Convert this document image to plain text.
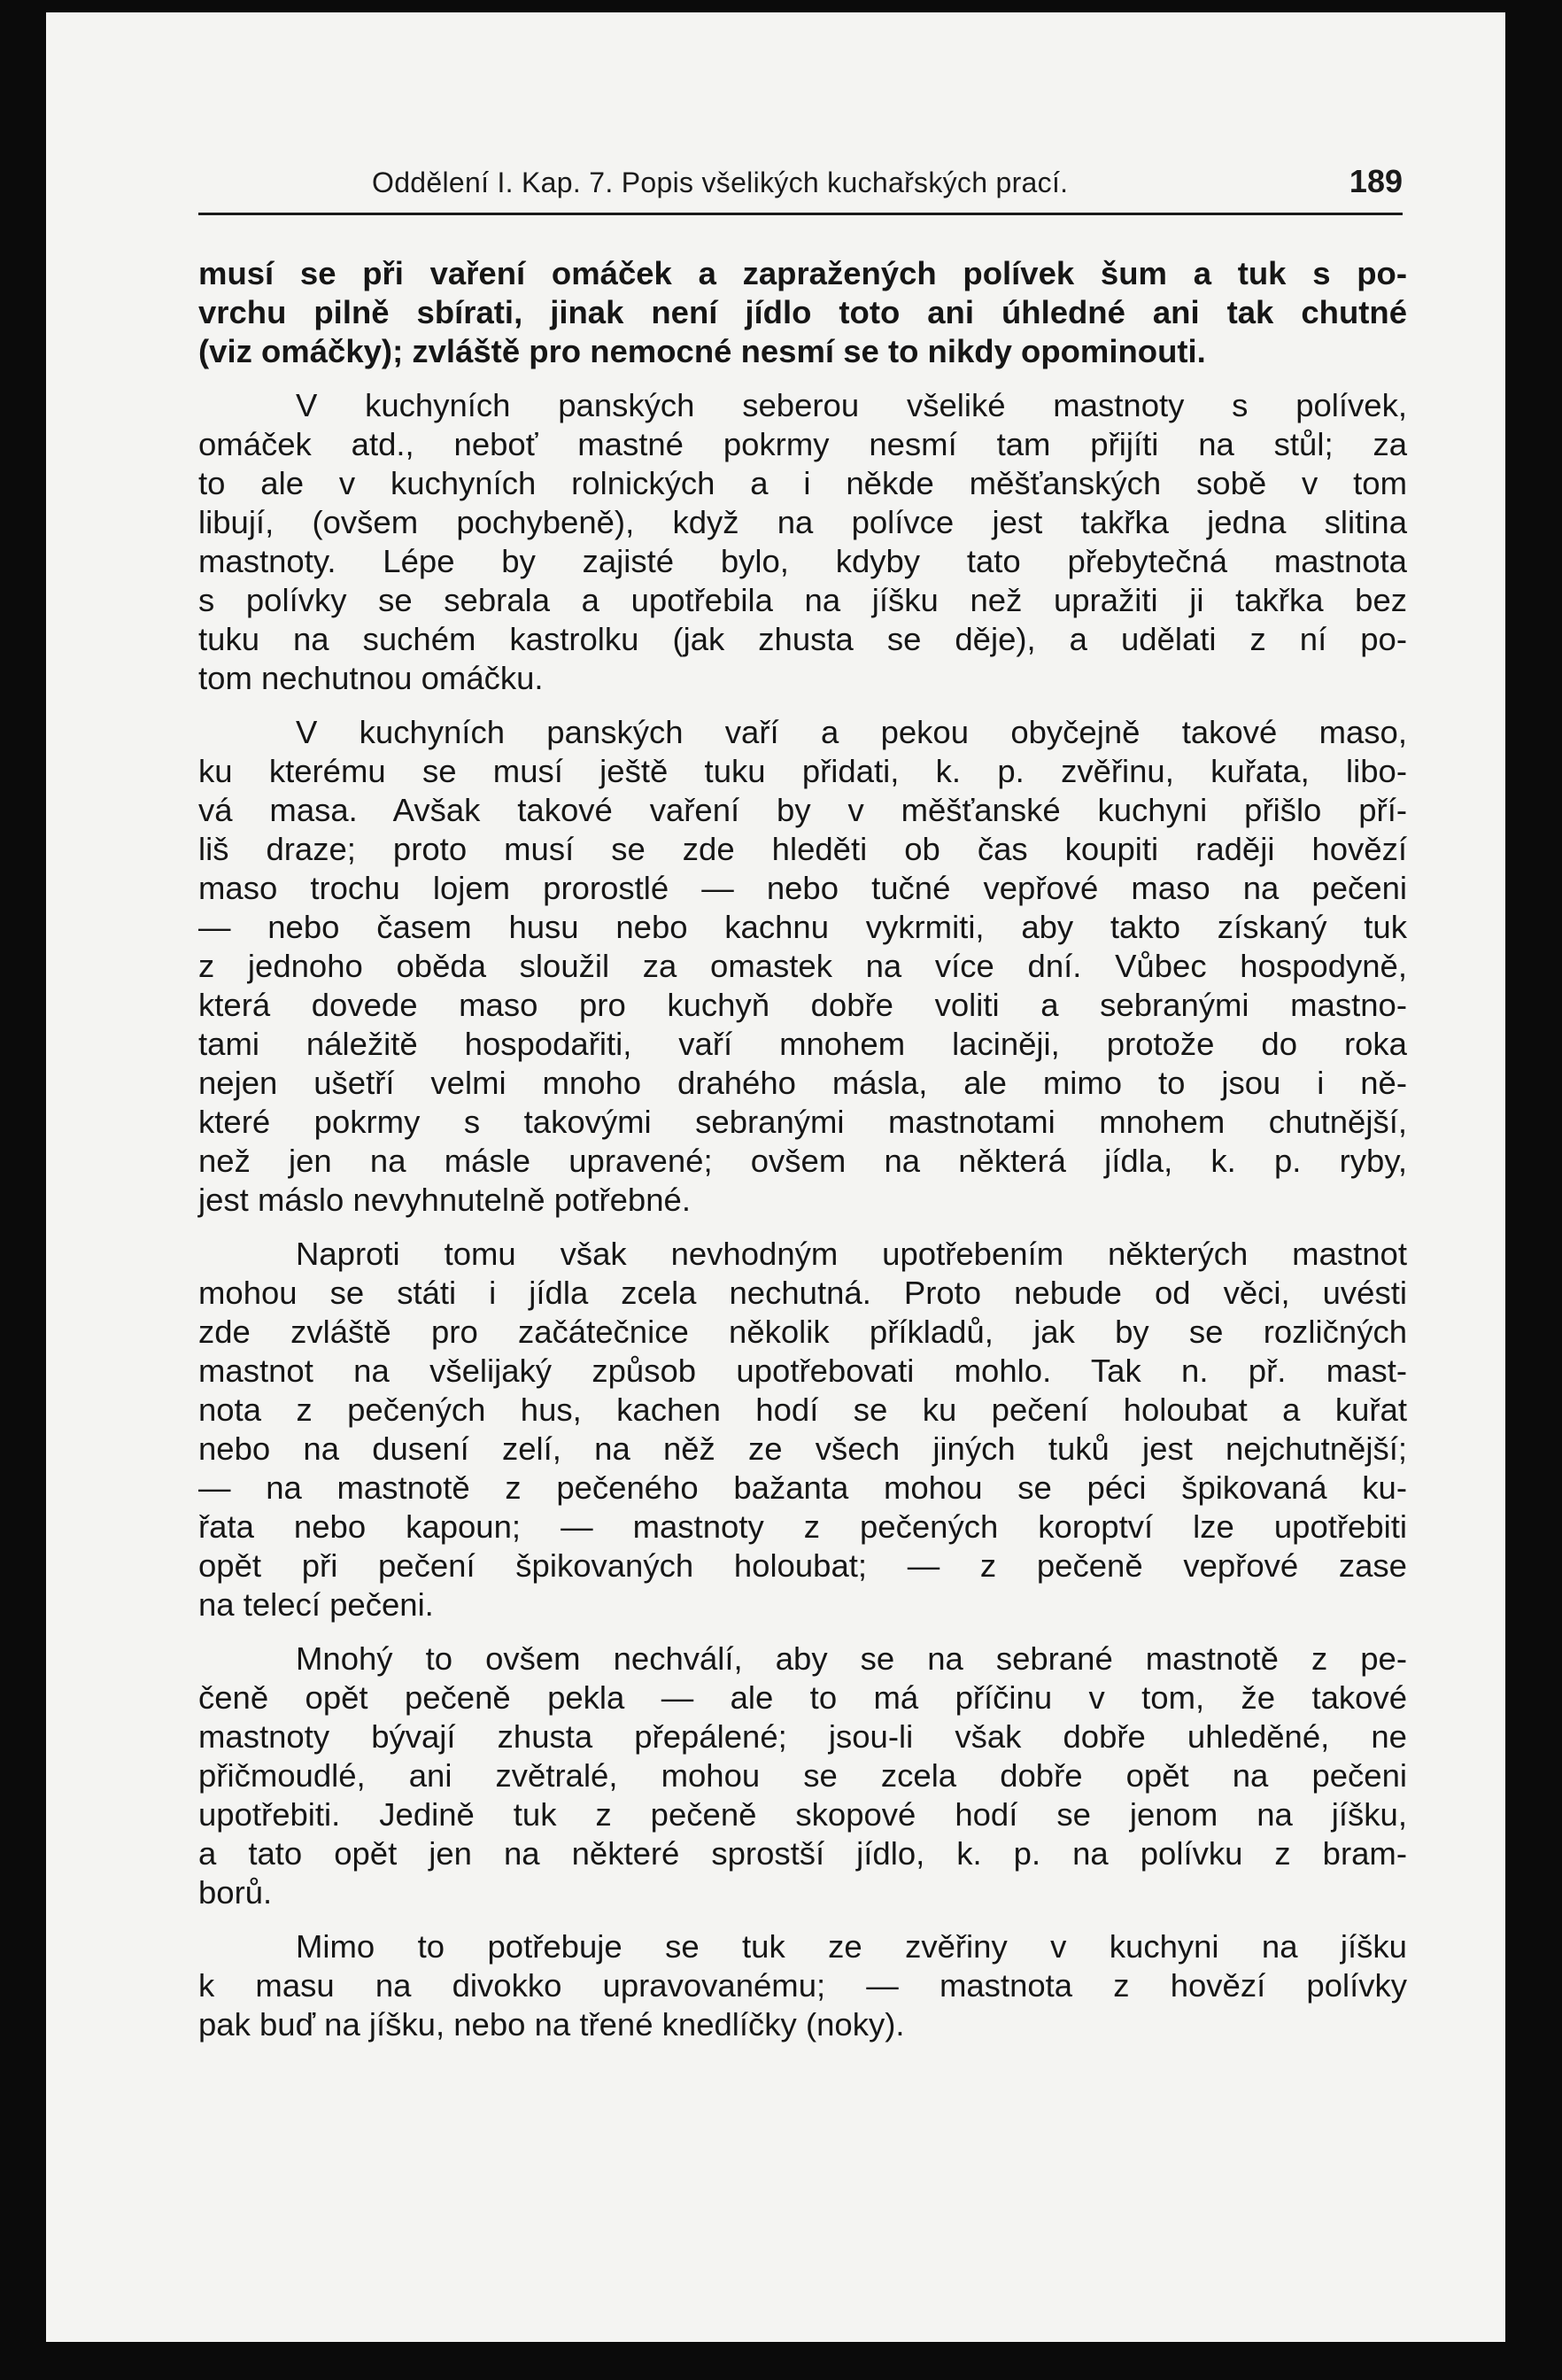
Oddělení I. Kap. 7. Popis všelikých kuchařských prací.	189
musí se při vaření omáček a zapražených polívek šum a tuk s po-
vrchu pilně sbírati, jinak není jídlo toto ani úhledné ani tak chutné
(viz omáčky); zvláště pro nemocné nesmí se to nikdy opominouti.
V kuchyních panských seberou všeliké mastnoty s polívek,
omáček atd., neboť mastné pokrmy nesmí tam přijíti na stůl; za
to ale v kuchyních rolnických a i někde měšťanských sobě v tom
libují, (ovšem pochybeně), když na polívce jest takřka jedna slitina
mastnoty. Lépe by zajisté bylo, kdyby tato přebytečná mastnota
s polívky se sebrala a upotřebila na jíšku než upražiti ji takřka bez
tuku na suchém kastrolku (jak zhusta se děje), a udělati z ní po-
tom nechutnou omáčku.
V kuchyních panských vaří a pekou obyčejně takové maso,
ku kterému se musí ještě tuku přidati, k. p. zvěřinu, kuřata, libo-
vá masa. Avšak takové vaření by v měšťanské kuchyni přišlo pří-
liš draze; proto musí se zde hleděti ob čas koupiti raději hovězí
maso trochu lojem prorostlé — nebo tučné vepřové maso na pečeni
— nebo časem husu nebo kachnu vykrmiti, aby takto získaný tuk
z jednoho oběda sloužil za omastek na více dní. Vůbec hospodyně,
která dovede maso pro kuchyň dobře voliti a sebranými mastno-
tami náležitě hospodařiti, vaří mnohem laciněji, protože do roka
nejen ušetří velmi mnoho drahého másla, ale mimo to jsou i ně-
které pokrmy s takovými sebranými mastnotami mnohem chutnější,
než jen na másle upravené; ovšem na některá jídla, k. p. ryby,
jest máslo nevyhnutelně potřebné.
Naproti tomu však nevhodným upotřebením některých mastnot
mohou se státi i jídla zcela nechutná. Proto nebude od věci, uvésti
zde zvláště pro začátečnice několik příkladů, jak by se rozličných
mastnot na všelijaký způsob upotřebovati mohlo. Tak n. př. mast-
nota z pečených hus, kachen hodí se ku pečení holoubat a kuřat
nebo na dusení zelí, na něž ze všech jiných tuků jest nejchutnější;
— na mastnotě z pečeného bažanta mohou se péci špikovaná ku-
řata nebo kapoun; — mastnoty z pečených koroptví lze upotřebiti
opět při pečení špikovaných holoubat; — z pečeně vepřové zase
na telecí pečeni.
Mnohý to ovšem nechválí, aby se na sebrané mastnotě z pe-
čeně opět pečeně pekla — ale to má příčinu v tom, že takové
mastnoty bývají zhusta přepálené; jsou-li však dobře uhleděné, ne
přičmoudlé, ani zvětralé, mohou se zcela dobře opět na pečeni
upotřebiti. Jedině tuk z pečeně skopové hodí se jenom na jíšku,
a tato opět jen na některé sprostší jídlo, k. p. na polívku z bram-
borů.
Mimo to potřebuje se tuk ze zvěřiny v kuchyni na jíšku
k masu na divokko upravovanému; — mastnota z hovězí polívky
pak buď na jíšku, nebo na třené knedlíčky (noky).
